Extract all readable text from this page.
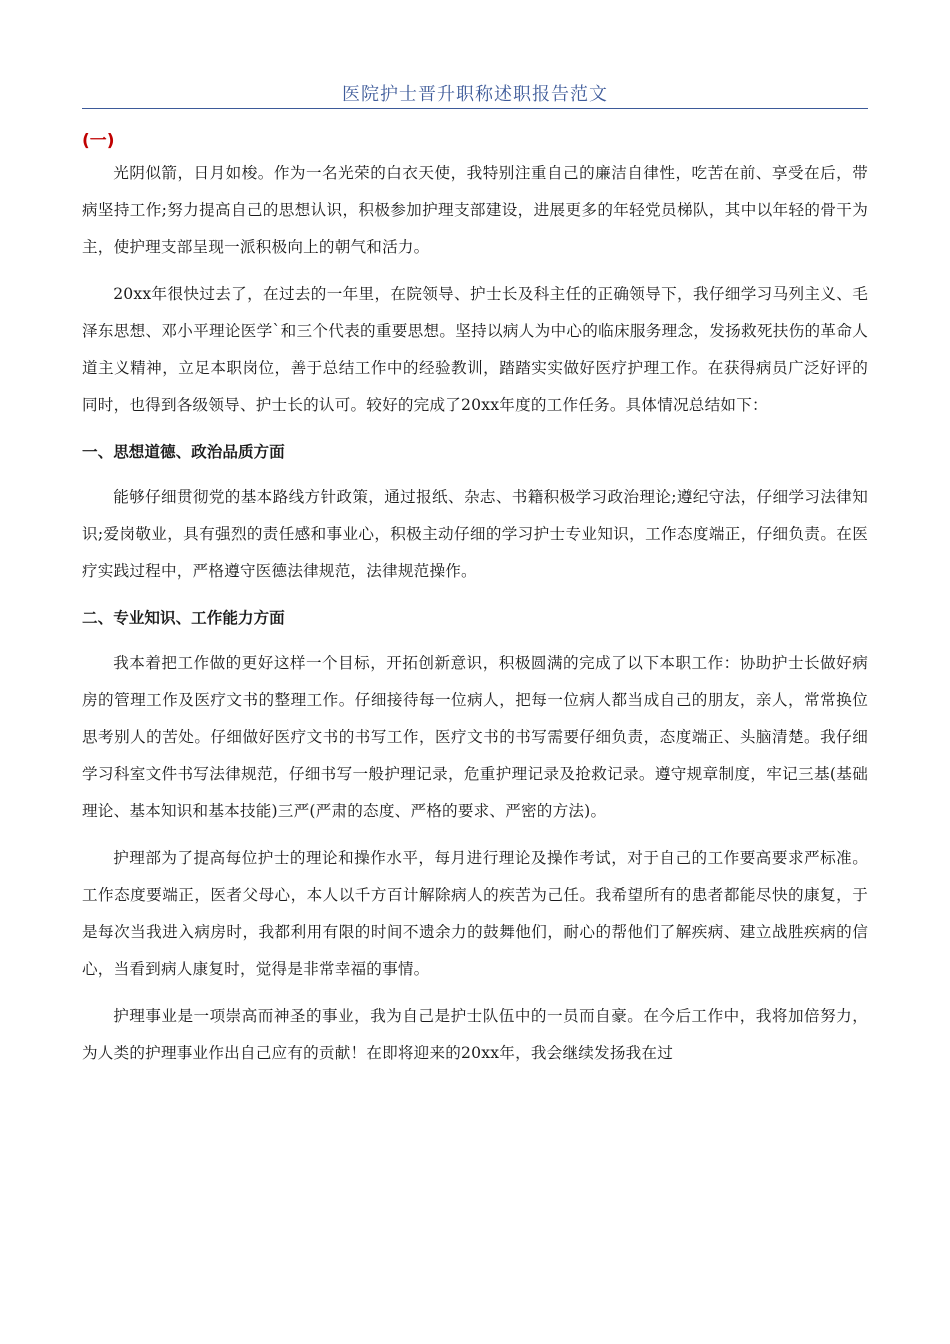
医院护士晋升职称述职报告范文
(一)

光阴似箭，日月如梭。作为一名光荣的白衣天使，我特别注重自己的廉洁自律性，吃苦在前、享受在后，带病坚持工作;努力提高自己的思想认识，积极参加护理支部建设，进展更多的年轻党员梯队，其中以年轻的骨干为主，使护理支部呈现一派积极向上的朝气和活力。

20xx年很快过去了，在过去的一年里，在院领导、护士长及科主任的正确领导下，我仔细学习马列主义、毛泽东思想、邓小平理论医学`和三个代表的重要思想。坚持以病人为中心的临床服务理念，发扬救死扶伤的革命人道主义精神，立足本职岗位，善于总结工作中的经验教训，踏踏实实做好医疗护理工作。在获得病员广泛好评的同时，也得到各级领导、护士长的认可。较好的完成了20xx年度的工作任务。具体情况总结如下：

一、思想道德、政治品质方面

能够仔细贯彻党的基本路线方针政策，通过报纸、杂志、书籍积极学习政治理论;遵纪守法，仔细学习法律知识;爱岗敬业，具有强烈的责任感和事业心，积极主动仔细的学习护士专业知识，工作态度端正，仔细负责。在医疗实践过程中，严格遵守医德法律规范，法律规范操作。

二、专业知识、工作能力方面

我本着把工作做的更好这样一个目标，开拓创新意识，积极圆满的完成了以下本职工作：协助护士长做好病房的管理工作及医疗文书的整理工作。仔细接待每一位病人，把每一位病人都当成自己的朋友，亲人，常常换位思考别人的苦处。仔细做好医疗文书的书写工作，医疗文书的书写需要仔细负责，态度端正、头脑清楚。我仔细学习科室文件书写法律规范，仔细书写一般护理记录，危重护理记录及抢救记录。遵守规章制度，牢记三基(基础理论、基本知识和基本技能)三严(严肃的态度、严格的要求、严密的方法)。

护理部为了提高每位护士的理论和操作水平，每月进行理论及操作考试，对于自己的工作要高要求严标准。工作态度要端正，医者父母心，本人以千方百计解除病人的疾苦为己任。我希望所有的患者都能尽快的康复，于是每次当我进入病房时，我都利用有限的时间不遗余力的鼓舞他们，耐心的帮他们了解疾病、建立战胜疾病的信心，当看到病人康复时，觉得是非常幸福的事情。

护理事业是一项崇高而神圣的事业，我为自己是护士队伍中的一员而自豪。在今后工作中，我将加倍努力，为人类的护理事业作出自己应有的贡献！在即将迎来的20xx年，我会继续发扬我在过
